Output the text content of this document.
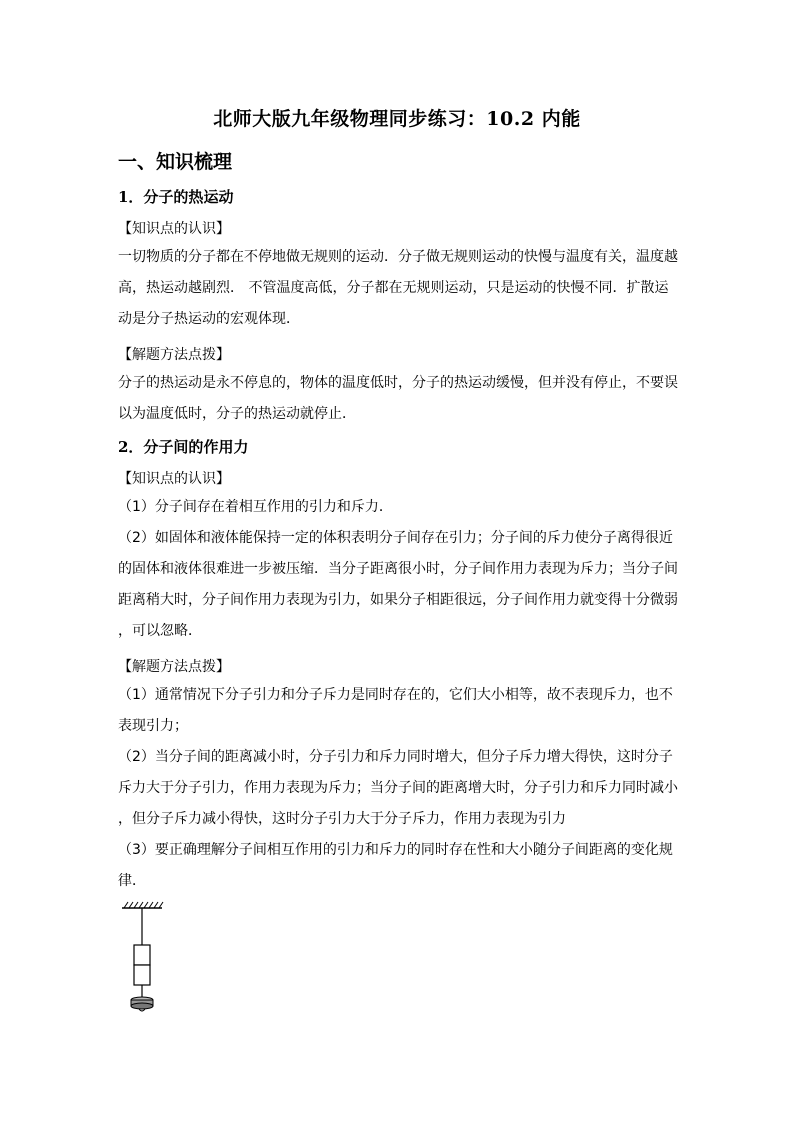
北师大版九年级物理同步练习：10.2 内能
一、知识梳理
1．分子的热运动
【知识点的认识】
一切物质的分子都在不停地做无规则的运动．分子做无规则运动的快慢与温度有关，温度越
高，热运动越剧烈． 不管温度高低，分子都在无规则运动，只是运动的快慢不同．扩散运
动是分子热运动的宏观体现．
【解题方法点拨】
分子的热运动是永不停息的，物体的温度低时，分子的热运动缓慢，但并没有停止，不要误
以为温度低时，分子的热运动就停止．
2．分子间的作用力
【知识点的认识】
（1）分子间存在着相互作用的引力和斥力．
（2）如固体和液体能保持一定的体积表明分子间存在引力；分子间的斥力使分子离得很近
的固体和液体很难进一步被压缩．当分子距离很小时，分子间作用力表现为斥力；当分子间
距离稍大时，分子间作用力表现为引力，如果分子相距很远，分子间作用力就变得十分微弱
，可以忽略．
【解题方法点拨】
（1）通常情况下分子引力和分子斥力是同时存在的，它们大小相等，故不表现斥力，也不
表现引力；
（2）当分子间的距离减小时，分子引力和斥力同时增大，但分子斥力增大得快，这时分子
斥力大于分子引力，作用力表现为斥力；当分子间的距离增大时，分子引力和斥力同时减小
，但分子斥力减小得快，这时分子引力大于分子斥力，作用力表现为引力
（3）要正确理解分子间相互作用的引力和斥力的同时存在性和大小随分子间距离的变化规
律．
